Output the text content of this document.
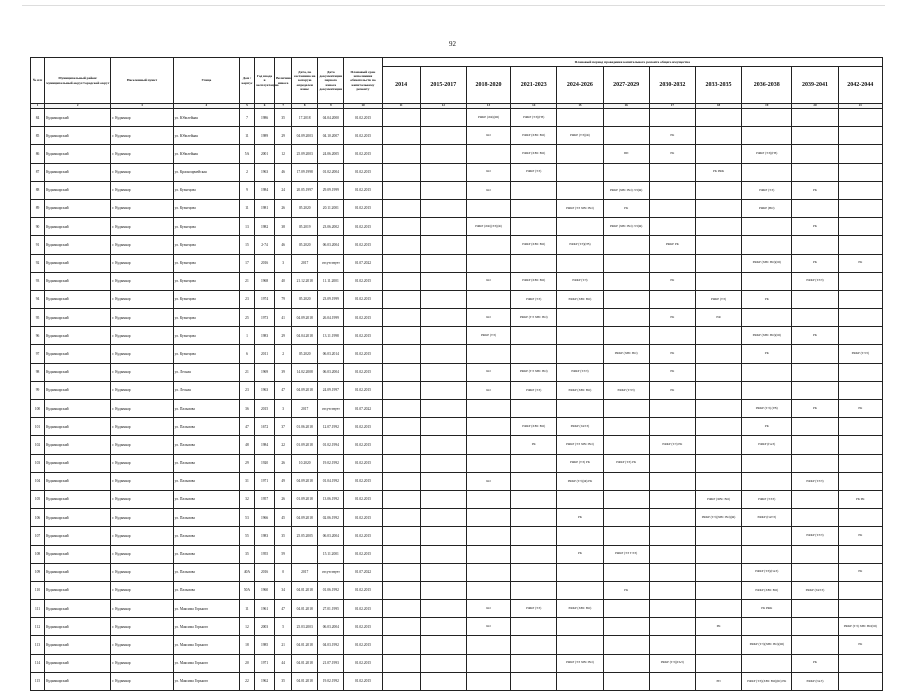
92
№ п/п	Муниципальный район/муниципальный округ/городской округ	Населенный пункт	Улица	Дом / корпус	Год ввода в эксплуатацию	Величина износа	Дата, по состоянию на которую определен износ	Дата документации первого износа документации	Плановый срок исполнения обязательств по капитальному ремонту	Плановый период проведения капитального ремонта общего имущества										
										2014	2015-2017	2018-2020	2021-2023	2024-2026	2027-2029	2030-2032	2033-2035	2036-2038	2039-2041	2042-2044
1	2	3	4	5	6	7	8	9	10	11	12	13	14	15	16	17	18	19	20	21
84	Кудымкарский	г. Кудымкар	ул. Юбилейная	7	1986	35	17.2018	04.04.2000	01.02.2015			РФКР (ЛФ)(Ш)	РФКР (ТЭ)(ГВ)							
85	Кудымкарский	г. Кудымкар	ул. Юбилейная	11	1989	29	04.09.2003	04.10.2007	01.02.2015			КО	РФКР (ХВС ВО)	РФКР (ТЭ)(Ф)		РК				
86	Кудымкарский	г. Кудымкар	ул. Юбилейная	5А	2001	12	25.09.2003	24.06.2005	01.02.2015				РФКР (ХВС ВО)		ПП	РК		РФКР (ТЭ)(ГВ)		
87	Кудымкарский	г. Кудымкар	ул. Красноармейская	2	1963	46	17.09.1998	01.02.2004	01.02.2015			КО	РФКР (ТЭ)				РК РФК			
88	Кудымкарский	г. Кудымкар	ул. Кузнецова	9	1984	24	20.05.1997	29.09.1999	01.02.2015			КО			РФКР (ХВС ВО) ЭЭ(Ф)			РФКР (ТЭ)	РК	
89	Кудымкарский	г. Кудымкар	ул. Кузнецова	11	1981	26	05.2020	20.11.2001	01.02.2015					РФКР (ТЭ ХВС ВО)	РК			РФКР (ВО)		
90	Кудымкарский	г. Кудымкар	ул. Кузнецова	13	1982	38	05.2019	23.06.2002	01.02.2015			РФКР (ЛФ)(ЭЭ)(Ф)			РФКР (ХВС ВО) ЭЭ(Ф)				РК	
91	Кудымкарский	г. Кудымкар	ул. Кузнецова	15	2-74	46	05.2020	06.03.2004	01.02.2015				РФКР (ХВС ВО)	РФКР (ТЭ)(ГВ)		РФКР РК				
92	Кудымкарский	г. Кудымкар	ул. Кузнецова	17	2016	3	2017	отсутствует	01.07.2022									РФКР (ХВС ВО)(Ш)	РК	РК
93	Кудымкарский	г. Кудымкар	ул. Кузнецова	21	1968	40	21.12.2018	11.11.2001	01.02.2015			КО	РФКР (ХВС ВО)	РФКР (ТЭ)		РК			РФКР (ТЭЭ)	
94	Кудымкарский	г. Кудымкар	ул. Кузнецова	23	1974	79	05.2020	23.09.1999	01.02.2015				РФКР (ТЭ)	РФКР (ХВС ВО)			РФКР (ТЭ)	РК		
95	Кудымкарский	г. Кудымкар	ул. Кузнецова	25	1973	41	04.09.2018	26.04.1999	01.02.2015			КО	РФКР (ТЭ ХВС ВО)			РК	РФ			
96	Кудымкарский	г. Кудымкар	ул. Кузнецова	1	1983	29	04.04.2018	13.11.1998	01.02.2015			РФКР (ТЭ)						РФКР (ХВС ВО)(Ш)	РК	
97	Кудымкарский	г. Кудымкар	ул. Кузнецова	6	2011	2	05.2020	06.03.2014	01.02.2015						РФКР (ХВС ВО)	РК		РК		РФКР (ТЭЭ)
98	Кудымкарский	г. Кудымкар	ул. Лесная	21	1969	39	14.02.2008	06.03.2004	01.02.2015			КО	РФКР (ТЭ ХВС ВО)	РФКР (ТЭЭ)		РК				
99	Кудымкарский	г. Кудымкар	ул. Лесная	23	1963	47	04.09.2018	24.09.1997	01.02.2015			КО	РФКР (ТЭ)	РФКР (ХВС ВО)	РФКР (ТЭЭ)	РК				
100	Кудымкарский	г. Кудымкар	ул. Пальмова	36	2015	3	2017	отсутствует	01.07.2022									РФКР (ТЭ) (ГВ)	РК	РК
101	Кудымкарский	г. Кудымкар	ул. Пальмова	47	1672	37	01.06.2018	12.07.1992	01.02.2015				РФКР (ХВС ВО)	РФКР (ГАТЭ)				РК		
102	Кудымкарский	г. Кудымкар	ул. Пальмова	48	1984	22	01.09.2018	01.02.1994	01.02.2015				РК	РФКР (ТЭ ХВС ВО)		РФКР (ТЭ) РК		РФКР (ГАЭ)		
103	Кудымкарский	г. Кудымкар	ул. Пальмова	29	1920	26	10.2020	19.02.1992	01.02.2015					РФКР (ТЭ) РК	РФКР (ТЭ) РК					
104	Кудымкарский	г. Кудымкар	ул. Пальмова	31	1971	49	04.09.2018	01.04.1992	01.02.2015			КО		РФКР (ТЭ)(Ф) РК					РФКР (ТЭЭ)	
105	Кудымкарский	г. Кудымкар	ул. Пальмова	32	1957	26	01.09.2018	13.06.1992	01.02.2015								РФКР (ХВС ВО)	РФКР (ТЭЭ)		РК РК
106	Кудымкарский	г. Кудымкар	ул. Пальмова	53	1966	45	04.09.2018	02.06.1992	01.02.2015					РК			РФКР (ТЭ)(ХВС ВО)(Ф)	РФКР (ГАТЭ)		
107	Кудымкарский	г. Кудымкар	ул. Пальмова	55	1983	35	25.05.2005	06.03.2004	01.02.2015										РФКР (ТЭЭ)	РК
108	Кудымкарский	г. Кудымкар	ул. Пальмова	35	1955	59		15.11.2001	01.02.2015					РК	РФКР (ТЭ ТЭЭ)					
109	Кудымкарский	г. Кудымкар	ул. Пальмова	40А	2016	0	2017	отсутствует	01.07.2022									РФКР (ТЭ)(ГАЭ)		РК
110	Кудымкарский	г. Кудымкар	ул. Пальмова	50А	1960	34	04.01.2018	01.06.1992	01.02.2015						РК			РФКР (ХВС ВО)	РФКР (ГАТЭ)	
111	Кудымкарский	г. Кудымкар	ул. Максима Горького	11	1961	47	04.01.2018	27.01.1995	01.02.2015			КО	РФКР (ТЭ)	РФКР (ХВС ВО)				РК РФК		
112	Кудымкарский	г. Кудымкар	ул. Максима Горького	12	2003	5	25.03.2003	06.03.2004	01.02.2015			КО					РК			РФКР (ТЭ) ХВС ВО(Ш)
113	Кудымкарский	г. Кудымкар	ул. Максима Горького	18	1985	21	04.01.2018	04.03.1992	01.02.2015									РФКР (ТЭ)(ХВС ВО)(Ш)		РК
114	Кудымкарский	г. Кудымкар	ул. Максима Горького	20	1971	44	04.01.2018	21.07.1993	01.02.2015					РФКР (ТЭ ХВС ВО)		РФКР (ТЭ)(ГАЭ)			РК	
115	Кудымкарский	г. Кудымкар	ул. Максима Горького	22	1962	35	04.01.2018	19.02.1992	01.02.2015								РП	РФКР (ТЭ)(ХВС ВО)(Ш) РК	РФКР (ГАЭ)	
